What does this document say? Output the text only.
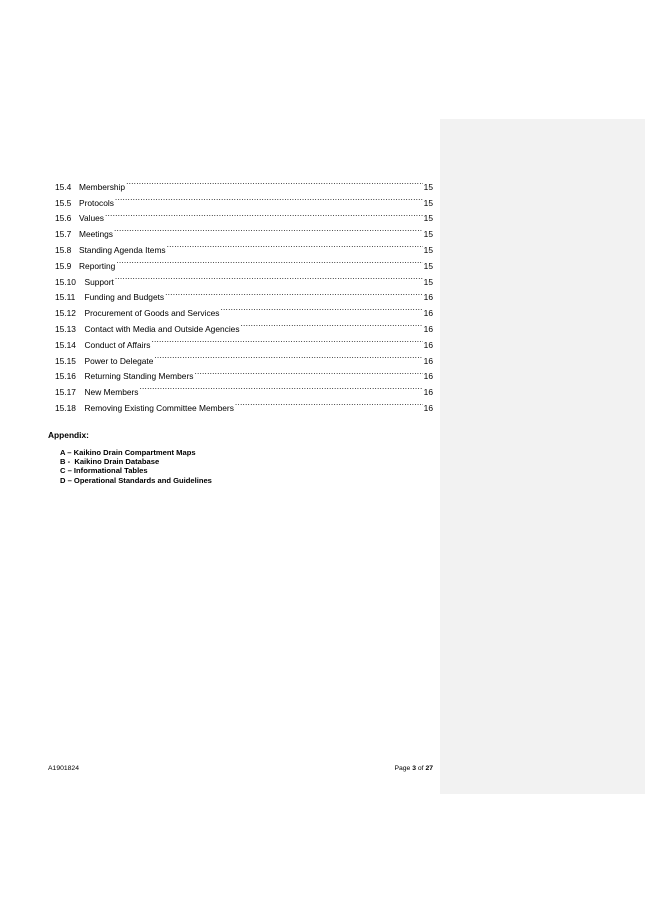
15.4 Membership .....	15
15.5 Protocols .....	15
15.6 Values .....	15
15.7 Meetings .....	15
15.8 Standing Agenda Items .....	15
15.9 Reporting .....	15
15.10	Support .....	15
15.11	Funding and Budgets .....	16
15.12	Procurement of Goods and Services .....	16
15.13	Contact with Media and Outside Agencies .....	16
15.14	Conduct of Affairs .....	16
15.15	Power to Delegate .....	16
15.16	Returning Standing Members .....	16
15.17	New Members .....	16
15.18	Removing Existing Committee Members .....	16
Appendix:
A – Kaikino Drain Compartment Maps
B -  Kaikino Drain Database
C – Informational Tables
D – Operational Standards and Guidelines
A1901824	Page 3 of 27
